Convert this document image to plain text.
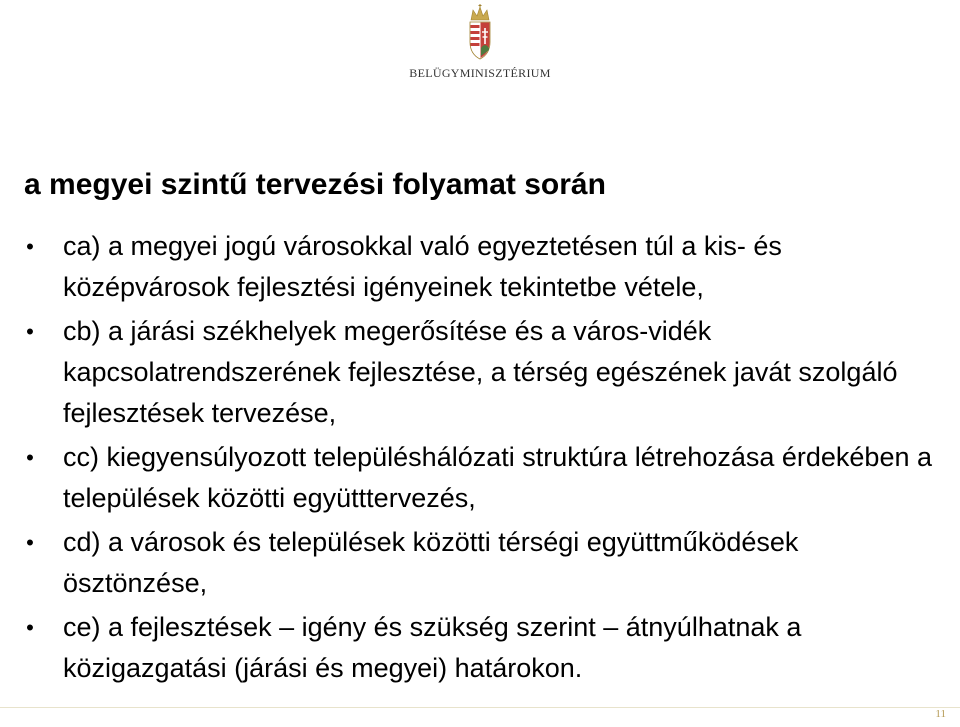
BELÜGYMINISZTÉRIUM
a megyei szintű tervezési folyamat során
• ca) a megyei jogú városokkal való egyeztetésen túl a kis- és középvárosok fejlesztési igényeinek tekintetbe vétele,
• cb) a járási székhelyek megerősítése és a város-vidék kapcsolatrendszerének fejlesztése, a térség egészének javát szolgáló fejlesztések tervezése,
• cc) kiegyensúlyozott településhálózati struktúra létrehozása érdekében a települések közötti együtttervezés,
• cd) a városok és települések közötti térségi együttműködések ösztönzése,
• ce) a fejlesztések – igény és szükség szerint – átnyúlhatnak a közigazgatási (járási és megyei) határokon.
11
